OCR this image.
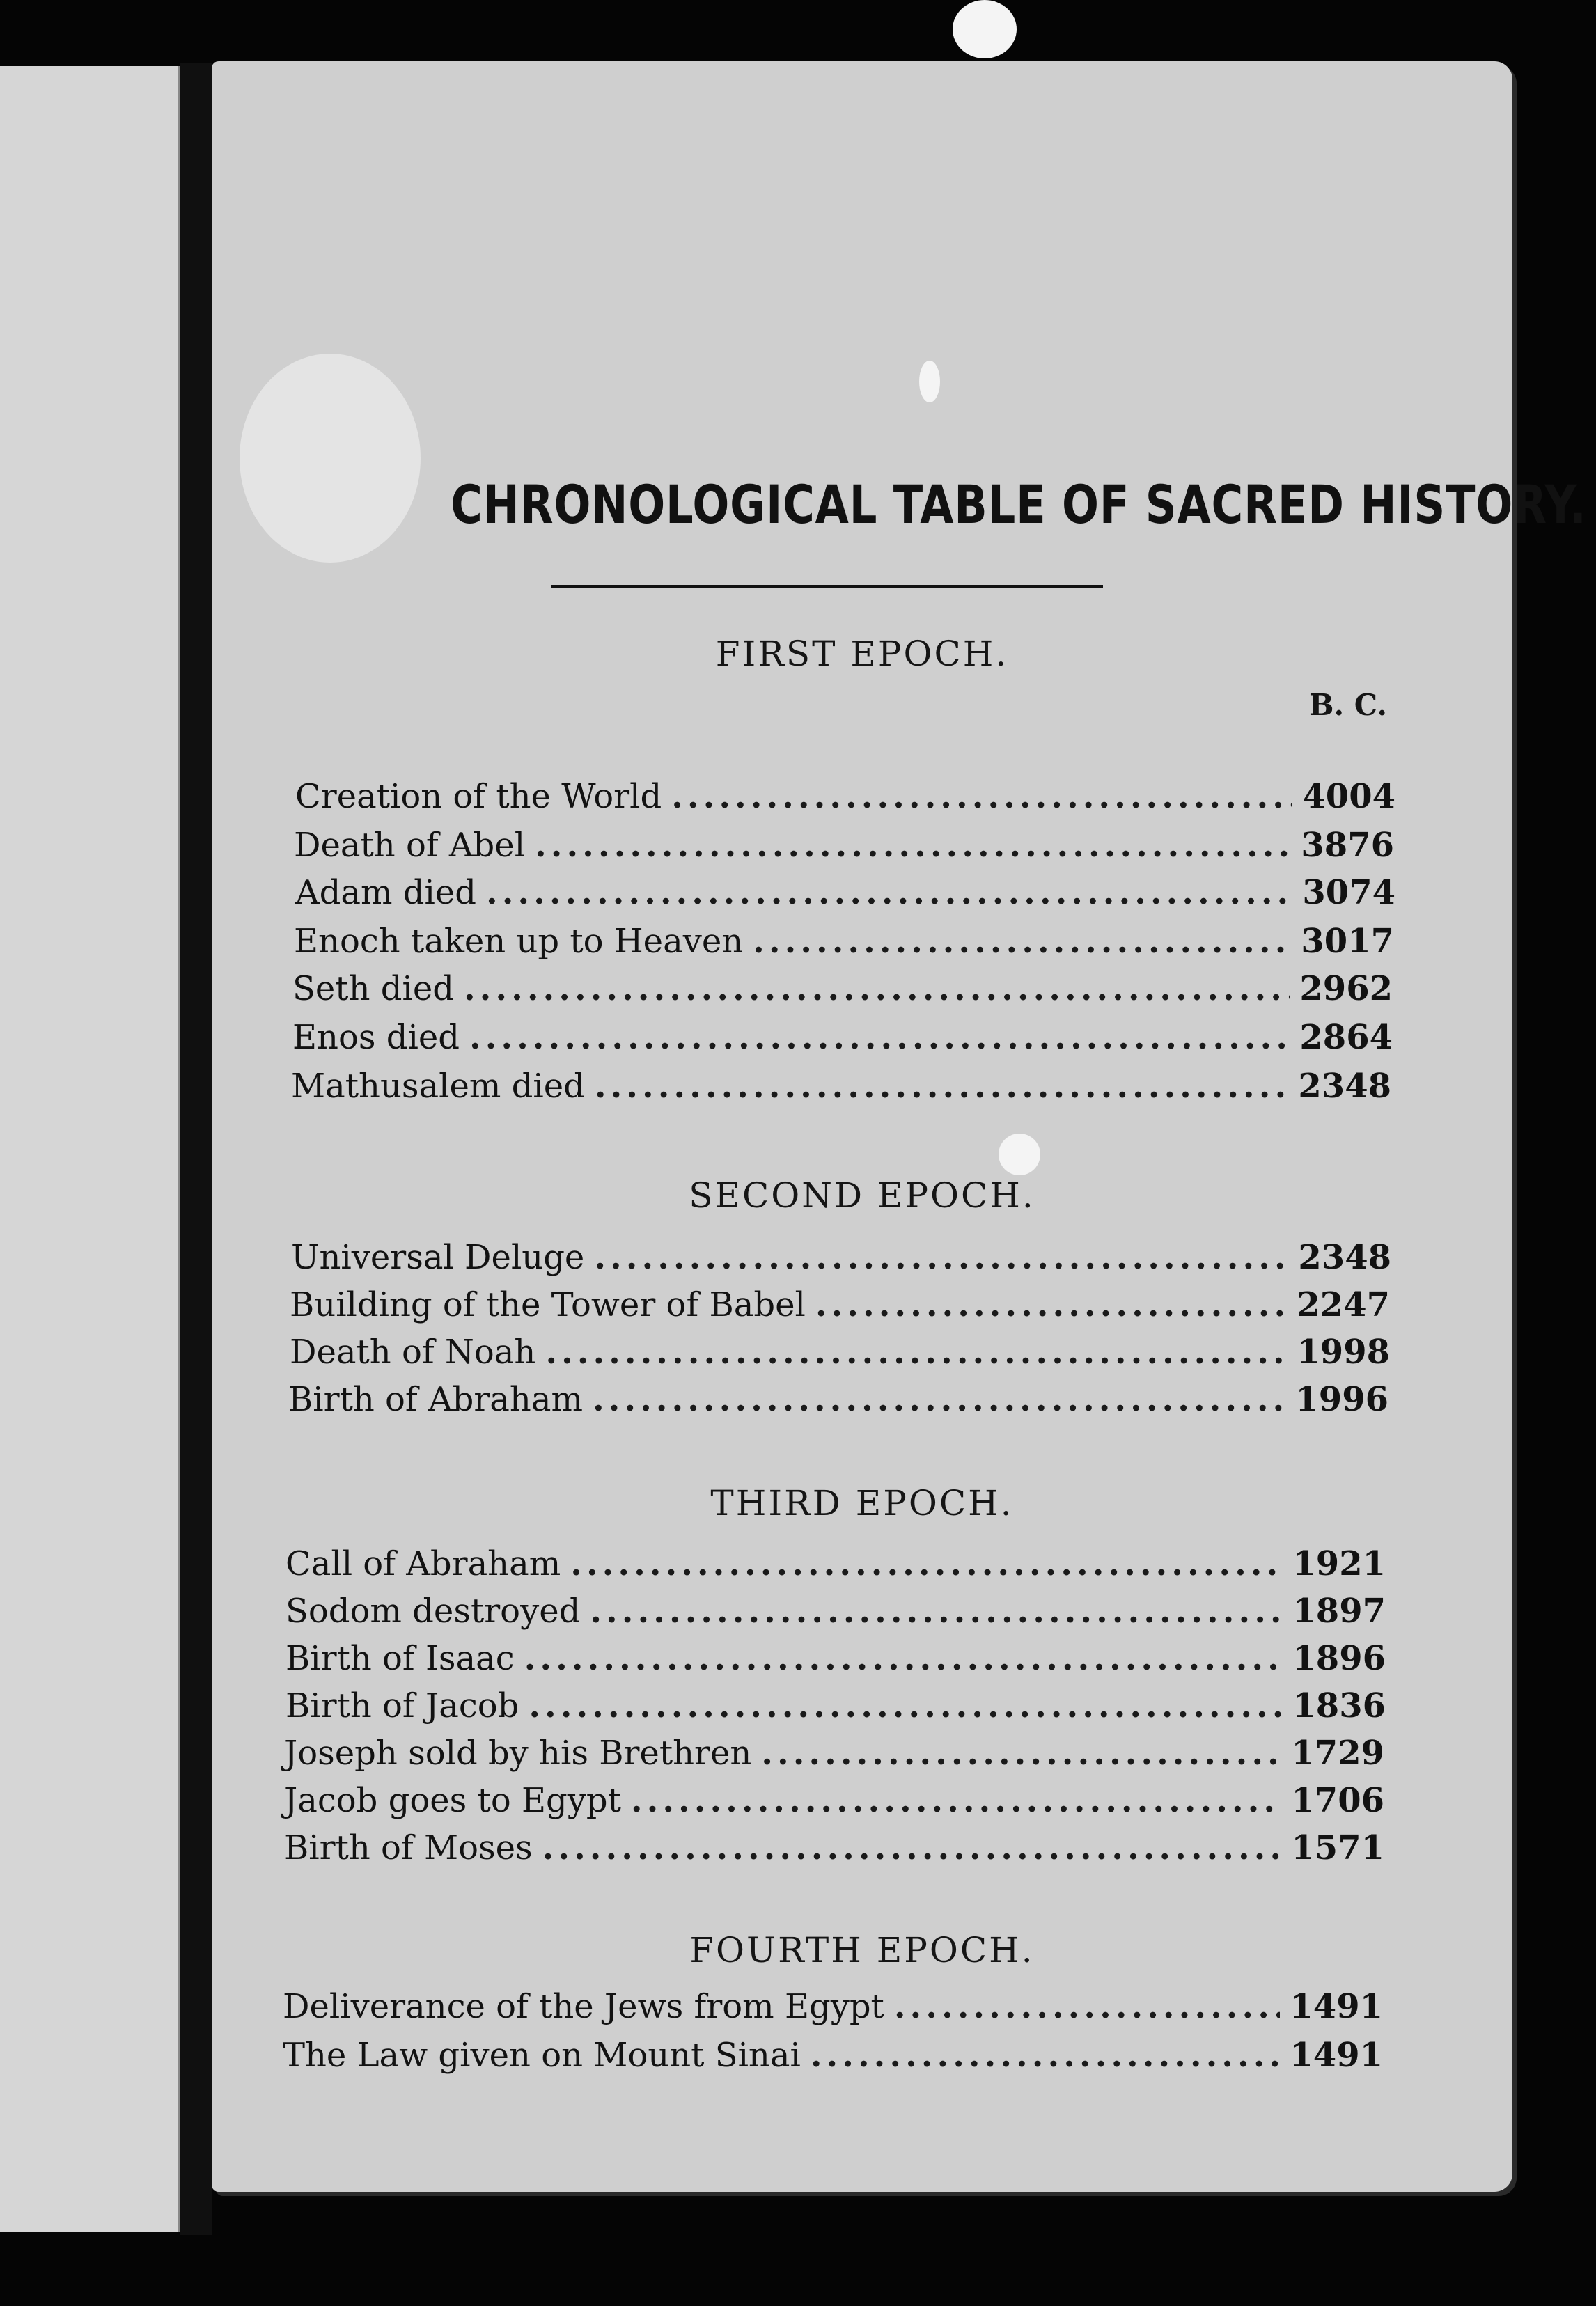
CHRONOLOGICAL TABLE OF SACRED HISTORY.
B. C.
FIRST EPOCH.
Creation of the World .....	4004
Death of Abel .....	3876
Adam died .....	3074
Enoch taken up to Heaven .....	3017
Seth died .....	2962
Enos died .....	2864
Mathusalem died .....	2348
SECOND EPOCH.
Universal Deluge .....	2348
Building of the Tower of Babel .....	2247
Death of Noah .....	1998
Birth of Abraham .....	1996
THIRD EPOCH.
Call of Abraham .....	1921
Sodom destroyed .....	1897
Birth of Isaac .....	1896
Birth of Jacob .....	1836
Joseph sold by his Brethren .....	1729
Jacob goes to Egypt .....	1706
Birth of Moses .....	1571
FOURTH EPOCH.
Deliverance of the Jews from Egypt .....	1491
The Law given on Mount Sinai .....	1491
